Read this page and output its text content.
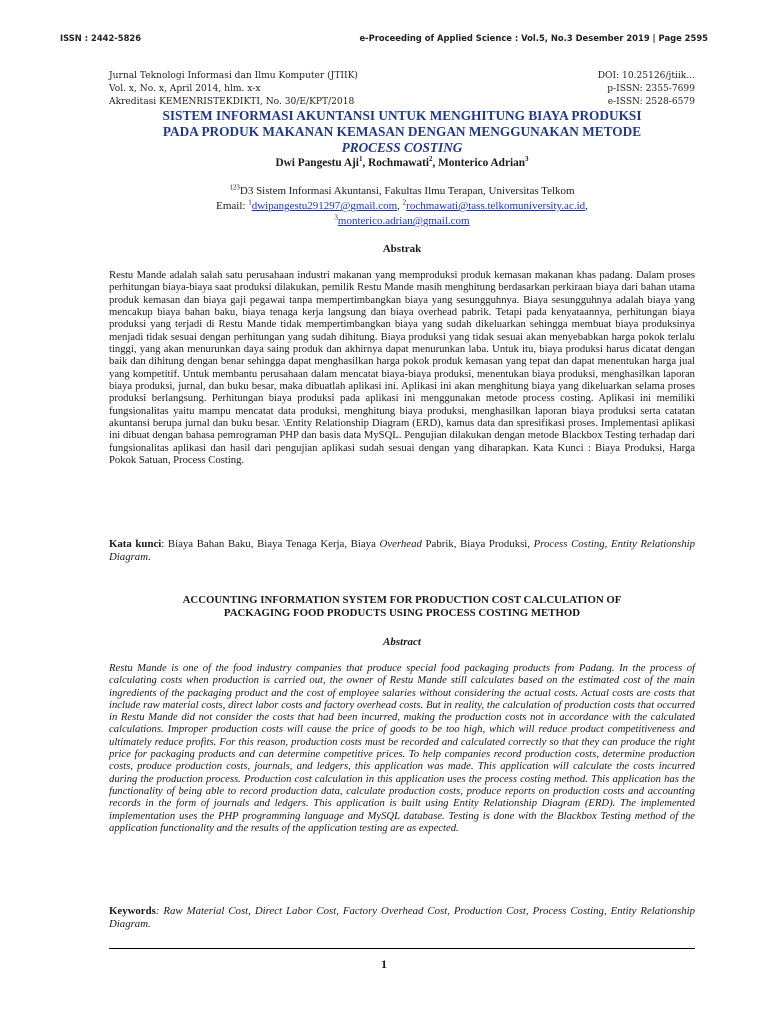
ISSN : 2442-5826	e-Proceeding of Applied Science : Vol.5, No.3 Desember 2019 | Page 2595
Jurnal Teknologi Informasi dan Ilmu Komputer (JTIIK)	DOI: 10.25126/jtiik...
Vol. x, No. x, April 2014, hlm. x-x	p-ISSN: 2355-7699
Akreditasi KEMENRISTEKDIKTI, No. 30/E/KPT/2018	e-ISSN: 2528-6579
SISTEM INFORMASI AKUNTANSI UNTUK MENGHITUNG BIAYA PRODUKSI
PADA PRODUK MAKANAN KEMASAN DENGAN MENGGUNAKAN METODE
PROCESS COSTING
Dwi Pangestu Aji$^1$, Rochmawati$^2$, Monterico Adrian$^3$
$^{123}$D3 Sistem Informasi Akuntansi, Fakultas Ilmu Terapan, Universitas Telkom
Email: $^1$dwipangestu291297@gmail.com, $^2$rochmawati@tass.telkomuniversity.ac.id,
$^3$monterico.adrian@gmail.com
Abstrak
Restu Mande adalah salah satu perusahaan industri makanan yang memproduksi produk kemasan makanan khas padang. Dalam proses perhitungan biaya-biaya saat produksi dilakukan, pemilik Restu Mande masih menghitung berdasarkan perkiraan biaya dari bahan utama produk kemasan dan biaya gaji pegawai tanpa mempertimbangkan biaya yang sesungguhnya. Biaya sesungguhnya adalah biaya yang mencakup biaya bahan baku, biaya tenaga kerja langsung dan biaya overhead pabrik. Tetapi pada kenyataannya, perhitungan biaya produksi yang terjadi di Restu Mande tidak mempertimbangkan biaya yang sudah dikeluarkan sehingga membuat biaya produksinya menjadi tidak sesuai dengan perhitungan yang sudah dihitung. Biaya produksi yang tidak sesuai akan menyebabkan harga pokok terlalu tinggi, yang akan menurunkan daya saing produk dan akhirnya dapat menurunkan laba. Untuk itu, biaya produksi harus dicatat dengan baik dan dihitung dengan benar sehingga dapat menghasilkan harga pokok produk kemasan yang tepat dan dapat menentukan harga jual yang kompetitif. Untuk membantu perusahaan dalam mencatat biaya-biaya produksi, menentukan biaya produksi, menghasilkan laporan biaya produksi, jurnal, dan buku besar, maka dibuatlah aplikasi ini. Aplikasi ini akan menghitung biaya yang dikeluarkan selama proses produksi berlangsung. Perhitungan biaya produksi pada aplikasi ini menggunakan metode process costing. Aplikasi ini memiliki fungsionalitas yaitu mampu mencatat data produksi, menghitung biaya produksi, menghasilkan laporan biaya produksi serta catatan akuntansi berupa jurnal dan buku besar. \Entity Relationship Diagram (ERD), kamus data dan spresifikasi proses. Implementasi aplikasi ini dibuat dengan bahasa pemrograman PHP dan basis data MySQL. Pengujian dilakukan dengan metode Blackbox Testing terhadap dari fungsionalitas aplikasi dan hasil dari pengujian aplikasi sudah sesuai dengan yang diharapkan. Kata Kunci : Biaya Produksi, Harga Pokok Satuan, Process Costing.
Kata kunci: Biaya Bahan Baku, Biaya Tenaga Kerja, Biaya Overhead Pabrik, Biaya Produksi, Process Costing, Entity Relationship Diagram.
ACCOUNTING INFORMATION SYSTEM FOR PRODUCTION COST CALCULATION OF
PACKAGING FOOD PRODUCTS USING PROCESS COSTING METHOD
Abstract
Restu Mande is one of the food industry companies that produce special food packaging products from Padang. In the process of calculating costs when production is carried out, the owner of Restu Mande still calculates based on the estimated cost of the main ingredients of the packaging product and the cost of employee salaries without considering the actual costs. Actual costs are costs that include raw material costs, direct labor costs and factory overhead costs. But in reality, the calculation of production costs that occurred in Restu Mande did not consider the costs that had been incurred, making the production costs not in accordance with the calculated calculations. Improper production costs will cause the price of goods to be too high, which will reduce product competitiveness and ultimately reduce profits. For this reason, production costs must be recorded and calculated correctly so that they can produce the right price for packaging products and can determine competitive prices. To help companies record production costs, determine production costs, produce production costs, journals, and ledgers, this application was made. This application will calculate the costs incurred during the production process. Production cost calculation in this application uses the process costing method. This application has the functionality of being able to record production data, calculate production costs, produce reports on production costs and accounting records in the form of journals and ledgers. This application is built using Entity Relationship Diagram (ERD). The implemented implementation uses the PHP programming language and MySQL database. Testing is done with the Blackbox Testing method of the application functionality and the results of the application testing are as expected.
Keywords: Raw Material Cost, Direct Labor Cost, Factory Overhead Cost, Production Cost, Process Costing, Entity Relationship Diagram.
1
